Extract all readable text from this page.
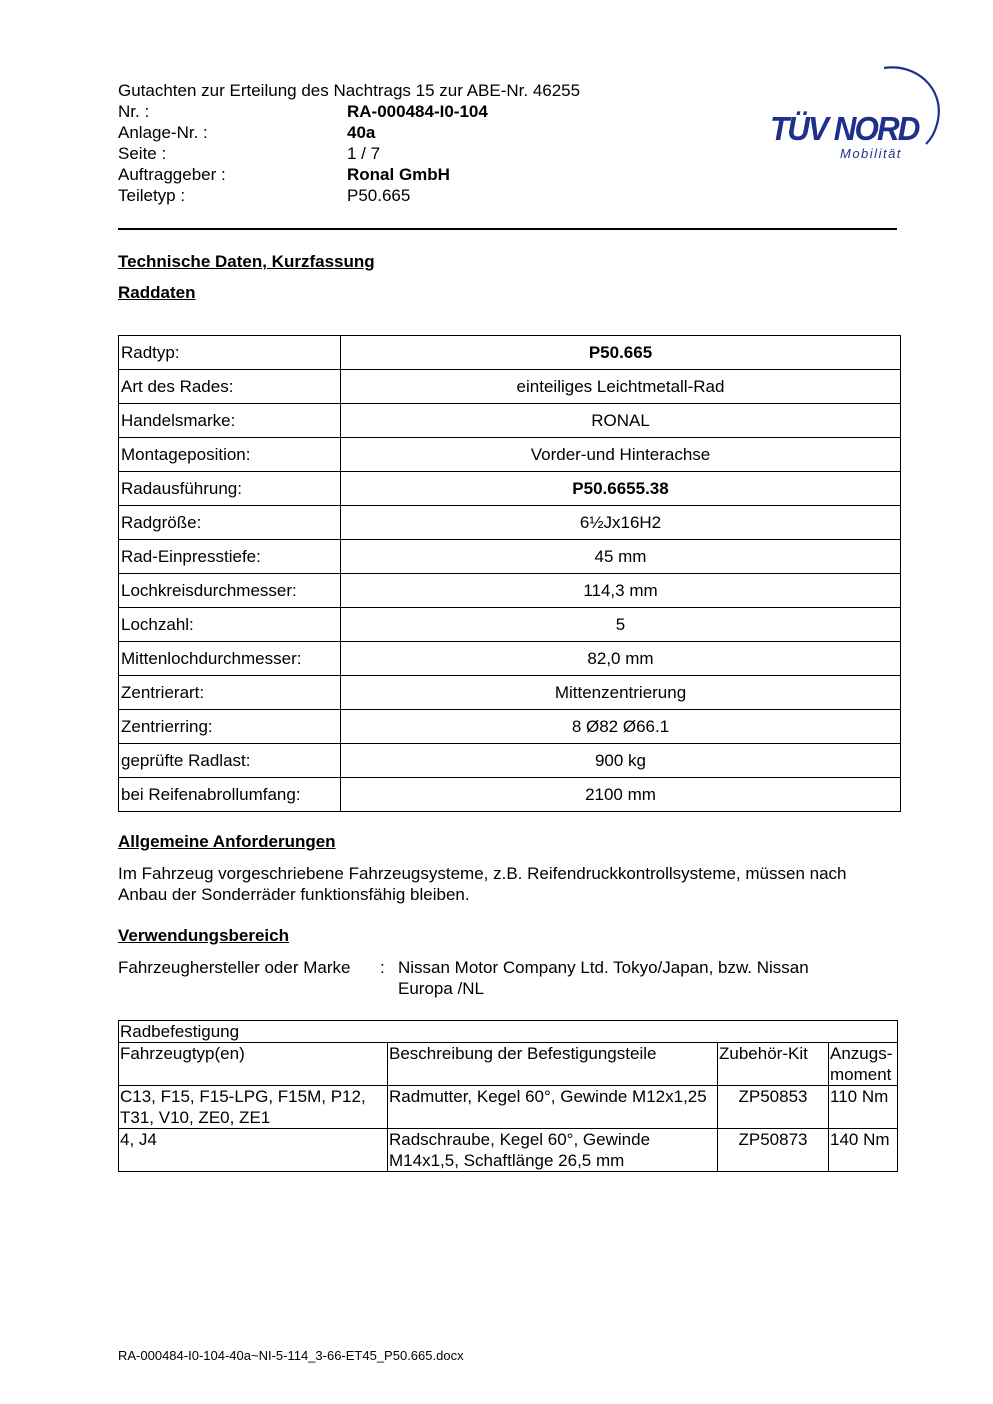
Gutachten zur Erteilung des Nachtrags 15 zur ABE-Nr. 46255
Nr. :	RA-000484-I0-104
Anlage-Nr. :	40a
Seite :	1 / 7
Auftraggeber :	Ronal GmbH
Teiletyp :	P50.665
TÜV NORD
Mobilität
Technische Daten, Kurzfassung
Raddaten
Radtyp:	P50.665
Art des Rades:	einteiliges Leichtmetall-Rad
Handelsmarke:	RONAL
Montageposition:	Vorder-und Hinterachse
Radausführung:	P50.6655.38
Radgröße:	6½Jx16H2
Rad-Einpresstiefe:	45 mm
Lochkreisdurchmesser:	114,3 mm
Lochzahl:	5
Mittenlochdurchmesser:	82,0 mm
Zentrierart:	Mittenzentrierung
Zentrierring:	8 Ø82 Ø66.1
geprüfte Radlast:	900 kg
bei Reifenabrollumfang:	2100 mm
Allgemeine Anforderungen
Im Fahrzeug vorgeschriebene Fahrzeugsysteme, z.B. Reifendruckkontrollsysteme, müssen nach Anbau der Sonderräder funktionsfähig bleiben.
Verwendungsbereich
Fahrzeughersteller oder Marke	: Nissan Motor Company Ltd. Tokyo/Japan, bzw. Nissan Europa /NL
Radbefestigung			
Fahrzeugtyp(en)	Beschreibung der Befestigungsteile	Zubehör-Kit	Anzugs-moment
C13, F15, F15-LPG, F15M, P12, T31, V10, ZE0, ZE1	Radmutter, Kegel 60°, Gewinde M12x1,25	ZP50853	110 Nm
4, J4	Radschraube, Kegel 60°, Gewinde M14x1,5, Schaftlänge 26,5 mm	ZP50873	140 Nm
RA-000484-I0-104-40a~NI-5-114_3-66-ET45_P50.665.docx
